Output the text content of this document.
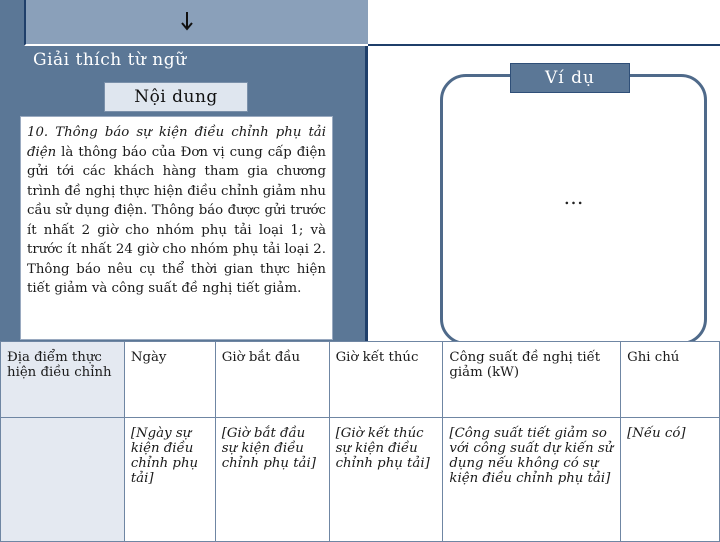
Giải thích từ ngữ
Nội dung
10. Thông báo sự kiện điều chỉnh phụ tải điện là thông báo của Đơn vị cung cấp điện gửi tới các khách hàng tham gia chương trình đề nghị thực hiện điều chỉnh giảm nhu cầu sử dụng điện. Thông báo được gửi trước ít nhất 2 giờ cho nhóm phụ tải loại 1; và trước ít nhất 24 giờ cho nhóm phụ tải loại 2. Thông báo nêu cụ thể thời gian thực hiện tiết giảm và công suất đề nghị tiết giảm.
…
Ví dụ
Địa điểm thực hiện điều chỉnh	Ngày	Giờ bắt đầu	Giờ kết thúc	Công suất đề nghị tiết giảm (kW)	Ghi chú
	[Ngày sự kiện điều chỉnh phụ tải]	[Giờ bắt đầu sự kiện điều chỉnh phụ tải]	[Giờ kết thúc sự kiện điều chỉnh phụ tải]	[Công suất tiết giảm so với công suất dự kiến sử dụng nếu không có sự kiện điều chỉnh phụ tải]	[Nếu có]
